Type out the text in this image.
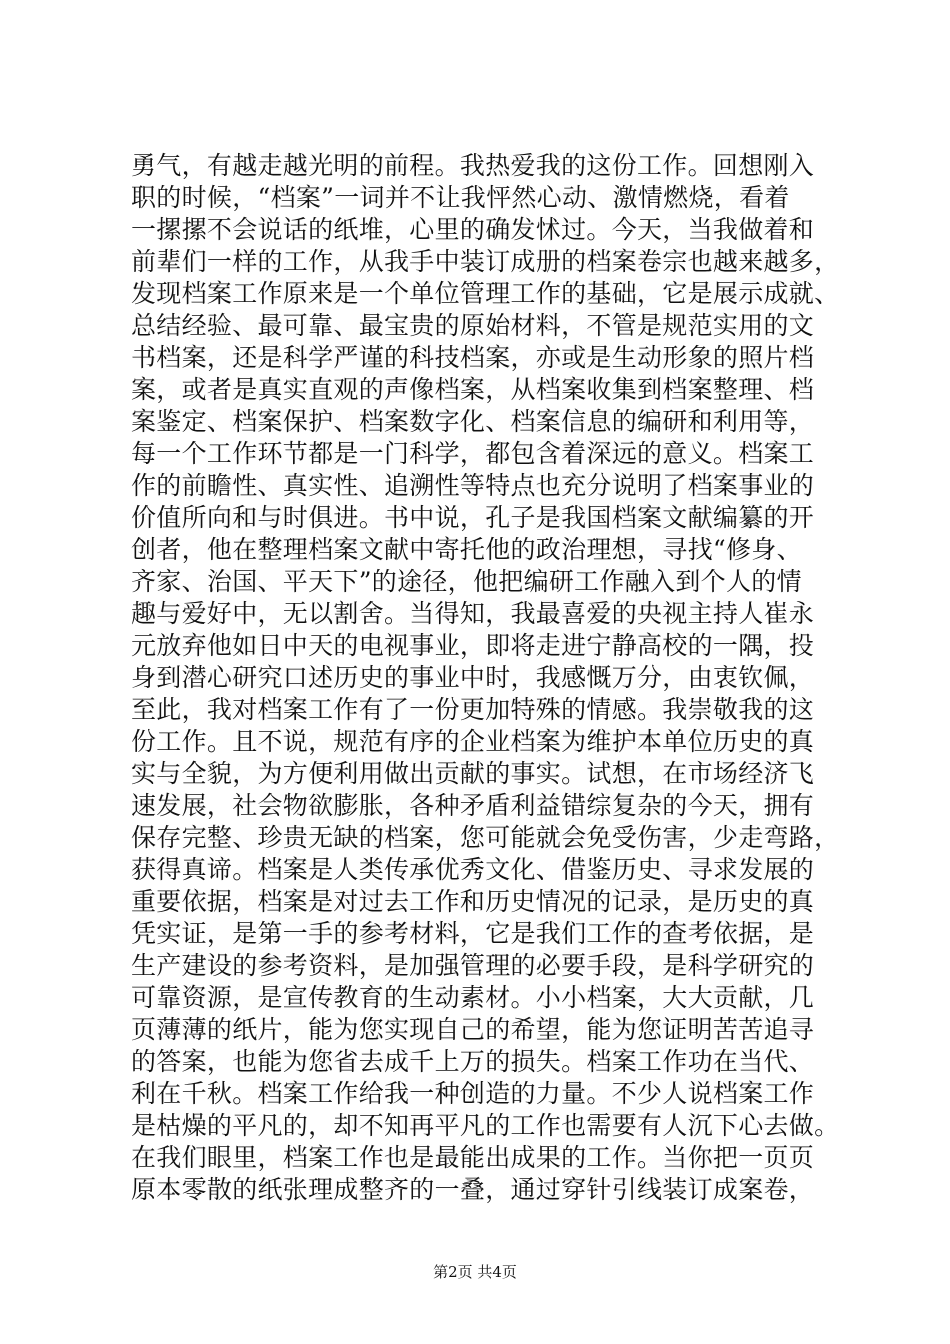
勇气，有越走越光明的前程。我热爱我的这份工作。回想刚入
职的时候，“档案”一词并不让我怦然心动、激情燃烧，看着
一摞摞不会说话的纸堆，心里的确发怵过。今天，当我做着和
前辈们一样的工作，从我手中装订成册的档案卷宗也越来越多，
发现档案工作原来是一个单位管理工作的基础，它是展示成就、
总结经验、最可靠、最宝贵的原始材料，不管是规范实用的文
书档案，还是科学严谨的科技档案，亦或是生动形象的照片档
案，或者是真实直观的声像档案，从档案收集到档案整理、档
案鉴定、档案保护、档案数字化、档案信息的编研和利用等，
每一个工作环节都是一门科学，都包含着深远的意义。档案工
作的前瞻性、真实性、追溯性等特点也充分说明了档案事业的
价值所向和与时俱进。书中说，孔子是我国档案文献编纂的开
创者，他在整理档案文献中寄托他的政治理想，寻找“修身、
齐家、治国、平天下”的途径，他把编研工作融入到个人的情
趣与爱好中，无以割舍。当得知，我最喜爱的央视主持人崔永
元放弃他如日中天的电视事业，即将走进宁静高校的一隅，投
身到潜心研究口述历史的事业中时，我感慨万分，由衷钦佩，
至此，我对档案工作有了一份更加特殊的情感。我崇敬我的这
份工作。且不说，规范有序的企业档案为维护本单位历史的真
实与全貌，为方便利用做出贡献的事实。试想，在市场经济飞
速发展，社会物欲膨胀，各种矛盾利益错综复杂的今天，拥有
保存完整、珍贵无缺的档案，您可能就会免受伤害，少走弯路，
获得真谛。档案是人类传承优秀文化、借鉴历史、寻求发展的
重要依据，档案是对过去工作和历史情况的记录，是历史的真
凭实证，是第一手的参考材料，它是我们工作的查考依据，是
生产建设的参考资料，是加强管理的必要手段，是科学研究的
可靠资源，是宣传教育的生动素材。小小档案，大大贡献，几
页薄薄的纸片，能为您实现自己的希望，能为您证明苦苦追寻
的答案，也能为您省去成千上万的损失。档案工作功在当代、
利在千秋。档案工作给我一种创造的力量。不少人说档案工作
是枯燥的平凡的，却不知再平凡的工作也需要有人沉下心去做。
在我们眼里，档案工作也是最能出成果的工作。当你把一页页
原本零散的纸张理成整齐的一叠，通过穿针引线装订成案卷，
第2页 共4页
